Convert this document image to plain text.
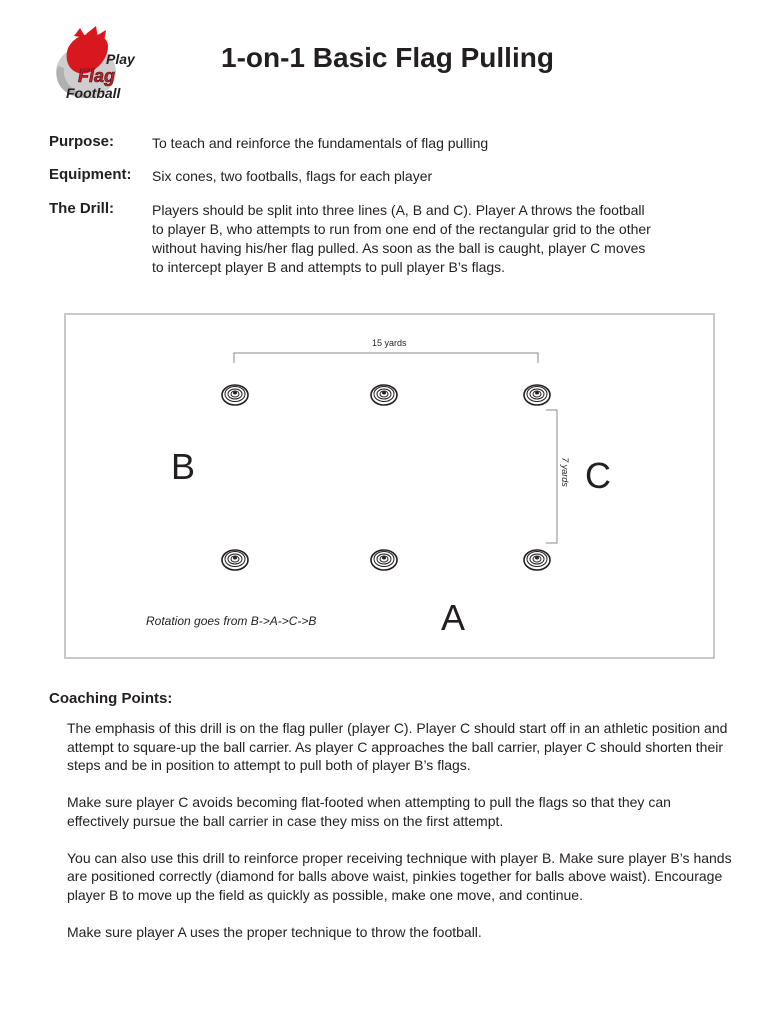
Play
Flag
Football
1-on-1 Basic Flag Pulling
Purpose:	To teach and reinforce the fundamentals of flag pulling
Equipment:	Six cones, two footballs, flags for each player
The Drill:	Players should be split into three lines (A, B and C). Player A throws the football to player B, who attempts to run from one end of the rectangular grid to the other without having his/her flag pulled. As soon as the ball is caught, player C moves to intercept player B and attempts to pull player B’s flags.
15 yards
7 yards
B	C
A
Rotation goes from B->A->C->B
Coaching Points:

The emphasis of this drill is on the flag puller (player C). Player C should start off in an athletic position and attempt to square-up the ball carrier. As player C approaches the ball carrier, player C should shorten their steps and be in position to attempt to pull both of player B’s flags.

Make sure player C avoids becoming flat-footed when attempting to pull the flags so that they can effectively pursue the ball carrier in case they miss on the first attempt.

You can also use this drill to reinforce proper receiving technique with player B. Make sure player B’s hands are positioned correctly (diamond for balls above waist, pinkies together for balls above waist). Encourage player B to move up the field as quickly as possible, make one move, and continue.

Make sure player A uses the proper technique to throw the football.
